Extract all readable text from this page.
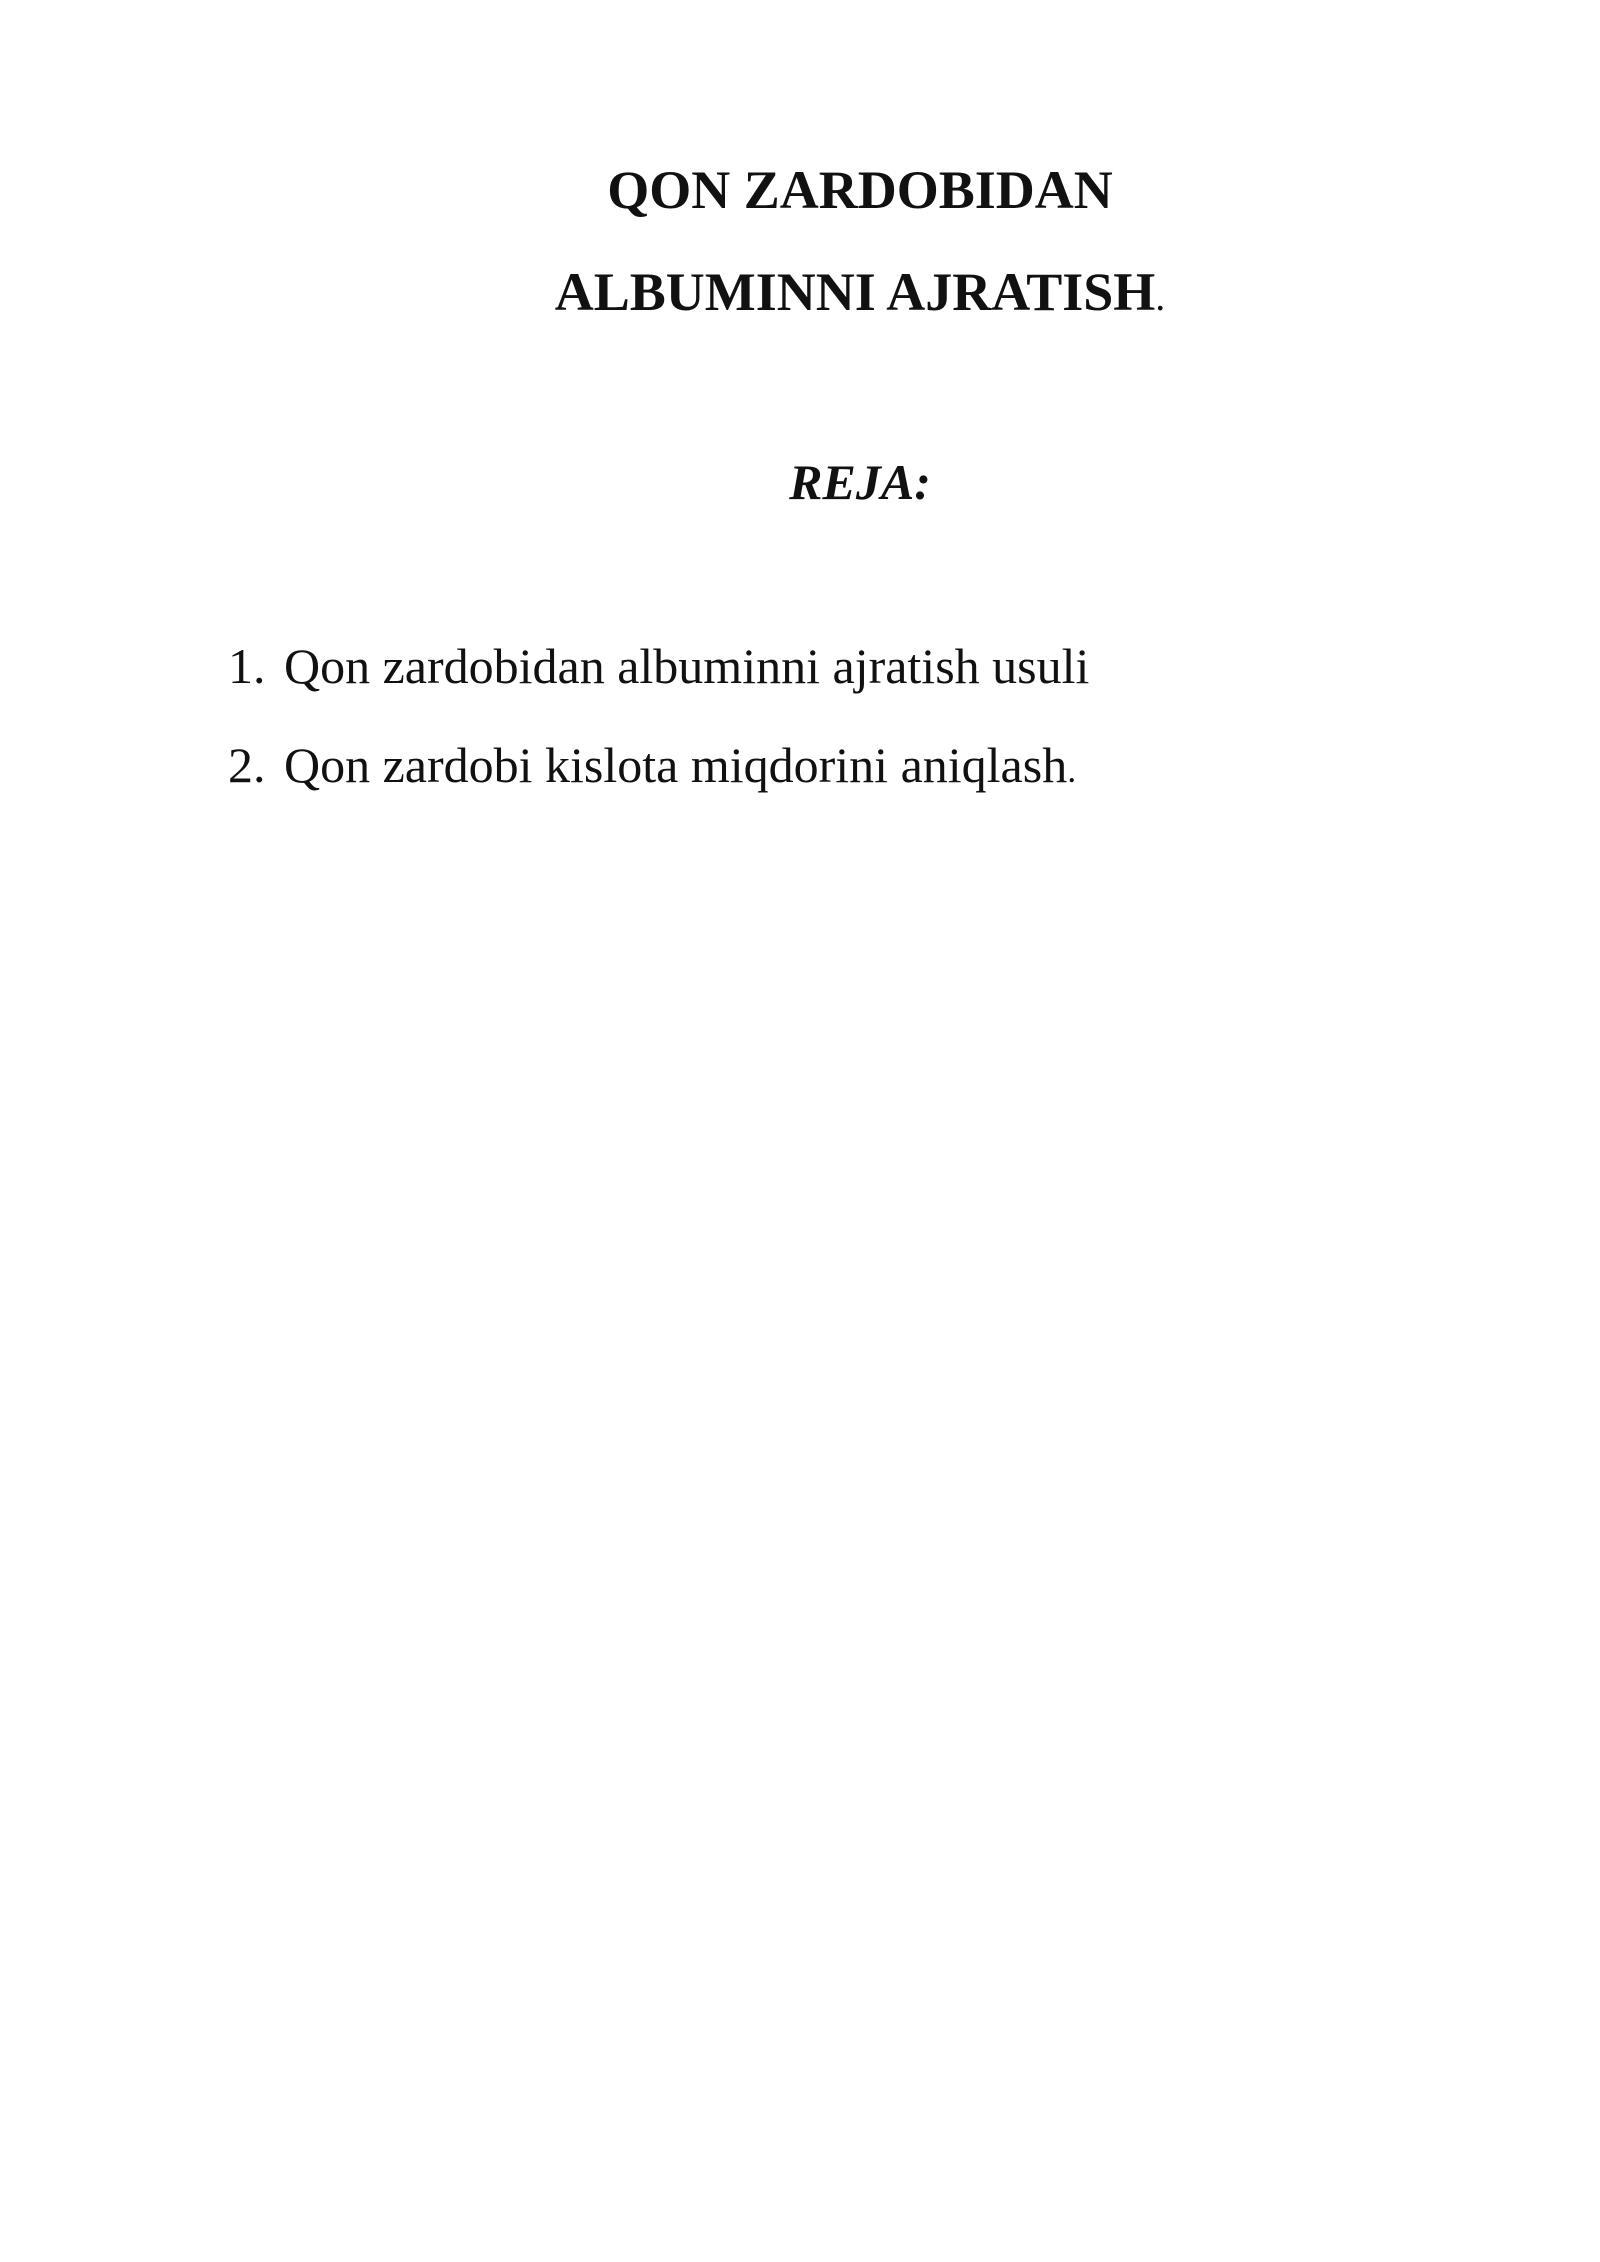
QON ZARDOBIDAN
ALBUMINNI AJRATISH.
REJA:
1. Qon zardobidan albuminni ajratish usuli
2. Qon zardobi kislota miqdorini aniqlash.
